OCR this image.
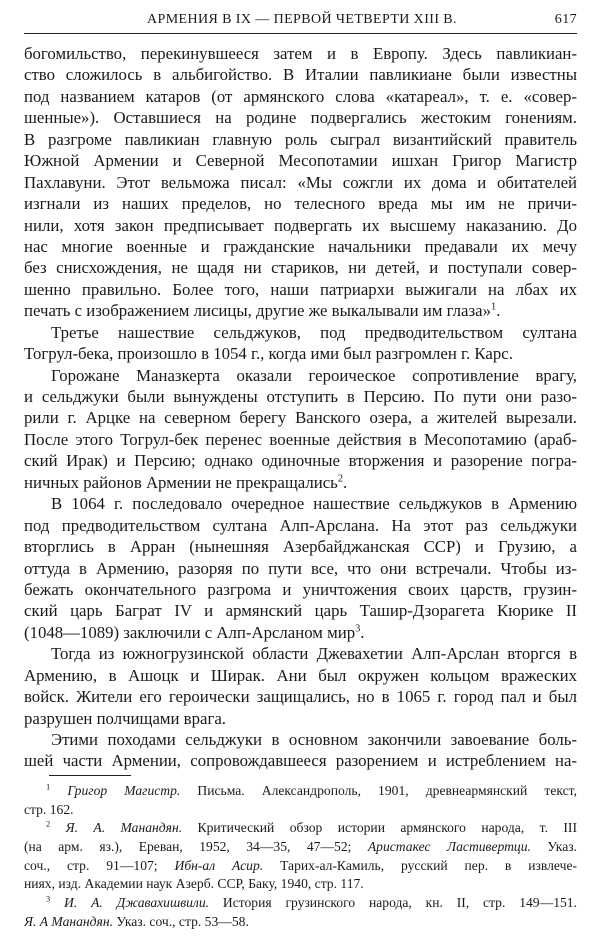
АРМЕНИЯ В IX — ПЕРВОЙ ЧЕТВЕРТИ XIII В.	617
богомильство, перекинувшееся затем и в Европу. Здесь павликиан-
ство сложилось в альбигойство. В Италии павликиане были известны
под названием катаров (от армянского слова «катареал», т. е. «совер-
шенные»). Оставшиеся на родине подвергались жестоким гонениям.
В разгроме павликиан главную роль сыграл византийский правитель
Южной Армении и Северной Месопотамии ишхан Григор Магистр
Пахлавуни. Этот вельможа писал: «Мы сожгли их дома и обитателей
изгнали из наших пределов, но телесного вреда мы им не причи-
нили, хотя закон предписывает подвергать их высшему наказанию. До
нас многие военные и гражданские начальники предавали их мечу
без снисхождения, не щадя ни стариков, ни детей, и поступали совер-
шенно правильно. Более того, наши патриархи выжигали на лбах их
печать с изображением лисицы, другие же выкалывали им глаза»$^1$.
Третье нашествие сельджуков, под предводительством султана
Тогрул-бека, произошло в 1054 г., когда ими был разгромлен г. Карс.
Горожане Маназкерта оказали героическое сопротивление врагу,
и сельджуки были вынуждены отступить в Персию. По пути они разо-
рили г. Арцке на северном берегу Ванского озера, а жителей вырезали.
После этого Тогрул-бек перенес военные действия в Месопотамию (араб-
ский Ирак) и Персию; однако одиночные вторжения и разорение погра-
ничных районов Армении не прекращались$^2$.
В 1064 г. последовало очередное нашествие сельджуков в Армению
под предводительством султана Алп-Арслана. На этот раз сельджуки
вторглись в Арран (нынешняя Азербайджанская ССР) и Грузию, а
оттуда в Армению, разоряя по пути все, что они встречали. Чтобы из-
бежать окончательного разгрома и уничтожения своих царств, грузин-
ский царь Баграт IV и армянский царь Ташир-Дзорагета Кюрике II
(1048—1089) заключили с Алп-Арсланом мир$^3$.
Тогда из южногрузинской области Джевахетии Алп-Арслан вторгся в
Армению, в Ашоцк и Ширак. Ани был окружен кольцом вражеских
войск. Жители его героически защищались, но в 1065 г. город пал и был
разрушен полчищами врага.
Этими походами сельджуки в основном закончили завоевание боль-
шей части Армении, сопровождавшееся разорением и истреблением на-
$^1$ Григор Магистр. Письма. Александрополь, 1901, древнеармянский текст,
стр. 162.
$^2$ Я. А. Манандян. Критический обзор истории армянского народа, т. III
(на арм. яз.), Ереван, 1952, 34—35, 47—52; Аристакес Ластивертци. Указ.
соч., стр. 91—107; Ибн-ал Асир. Тарих-ал-Камиль, русский пер. в извлече-
ниях, изд. Академии наук Азерб. ССР, Баку, 1940, стр. 117.
$^3$ И. А. Джавахишвили. История грузинского народа, кн. II, стр. 149—151.
Я. А Манандян. Указ. соч., стр. 53—58.
